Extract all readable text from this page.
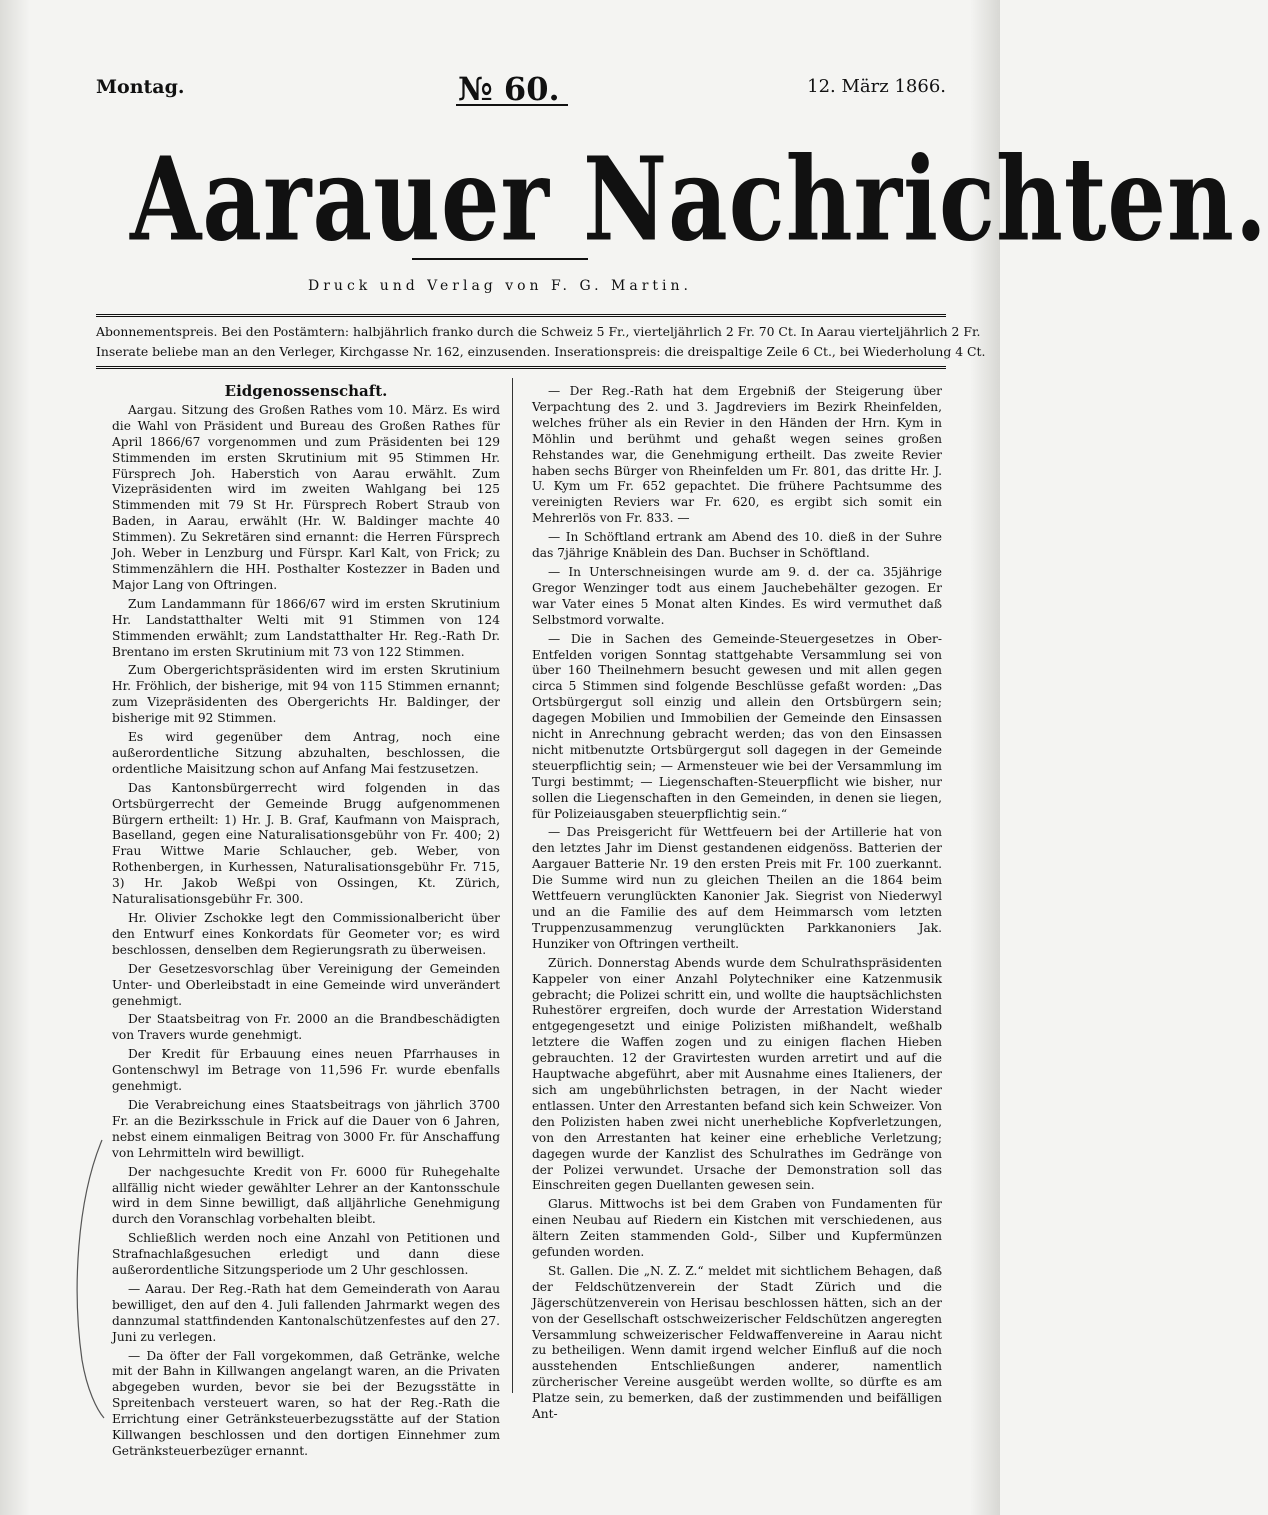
Montag.	№ 60.	12. März 1866.
Aarauer Nachrichten.
Druck und Verlag von F. G. Martin.
Abonnementspreis. Bei den Postämtern: halbjährlich franko durch die Schweiz 5 Fr., vierteljährlich 2 Fr. 70 Ct. In Aarau vierteljährlich 2 Fr.
Inserate beliebe man an den Verleger, Kirchgasse Nr. 162, einzusenden. Inserationspreis: die dreispaltige Zeile 6 Ct., bei Wiederholung 4 Ct.

Eidgenossenschaft.

Aargau. Sitzung des Großen Rathes vom 10. März. Es wird die Wahl von Präsident und Bureau des Großen Rathes für April 1866/67 vorgenommen und zum Präsidenten bei 129 Stimmenden im ersten Skrutinium mit 95 Stimmen Hr. Fürsprech Joh. Haberstich von Aarau erwählt. Zum Vizepräsidenten wird im zweiten Wahlgang bei 125 Stimmenden mit 79 St Hr. Fürsprech Robert Straub von Baden, in Aarau, erwählt (Hr. W. Baldinger machte 40 Stimmen). Zu Sekretären sind ernannt: die Herren Fürsprech Joh. Weber in Lenzburg und Fürspr. Karl Kalt, von Frick; zu Stimmenzählern die HH. Posthalter Kostezzer in Baden und Major Lang von Oftringen.

Zum Landammann für 1866/67 wird im ersten Skrutinium Hr. Landstatthalter Welti mit 91 Stimmen von 124 Stimmenden erwählt; zum Landstatthalter Hr. Reg.-Rath Dr. Brentano im ersten Skrutinium mit 73 von 122 Stimmen.

Zum Obergerichtspräsidenten wird im ersten Skrutinium Hr. Fröhlich, der bisherige, mit 94 von 115 Stimmen ernannt; zum Vizepräsidenten des Obergerichts Hr. Baldinger, der bisherige mit 92 Stimmen.

Es wird gegenüber dem Antrag, noch eine außerordentliche Sitzung abzuhalten, beschlossen, die ordentliche Maisitzung schon auf Anfang Mai festzusetzen.

Das Kantonsbürgerrecht wird folgenden in das Ortsbürgerrecht der Gemeinde Brugg aufgenommenen Bürgern ertheilt: 1) Hr. J. B. Graf, Kaufmann von Maisprach, Baselland, gegen eine Naturalisationsgebühr von Fr. 400; 2) Frau Wittwe Marie Schlaucher, geb. Weber, von Rothenbergen, in Kurhessen, Naturalisationsgebühr Fr. 715, 3) Hr. Jakob Weßpi von Ossingen, Kt. Zürich, Naturalisationsgebühr Fr. 300.

Hr. Olivier Zschokke legt den Commissionalbericht über den Entwurf eines Konkordats für Geometer vor; es wird beschlossen, denselben dem Regierungsrath zu überweisen.

Der Gesetzesvorschlag über Vereinigung der Gemeinden Unter- und Oberleibstadt in eine Gemeinde wird unverändert genehmigt.

Der Staatsbeitrag von Fr. 2000 an die Brandbeschädigten von Travers wurde genehmigt.

Der Kredit für Erbauung eines neuen Pfarrhauses in Gontenschwyl im Betrage von 11,596 Fr. wurde ebenfalls genehmigt.

Die Verabreichung eines Staatsbeitrags von jährlich 3700 Fr. an die Bezirksschule in Frick auf die Dauer von 6 Jahren, nebst einem einmaligen Beitrag von 3000 Fr. für Anschaffung von Lehrmitteln wird bewilligt.

Der nachgesuchte Kredit von Fr. 6000 für Ruhegehalte allfällig nicht wieder gewählter Lehrer an der Kantonsschule wird in dem Sinne bewilligt, daß alljährliche Genehmigung durch den Voranschlag vorbehalten bleibt.

Schließlich werden noch eine Anzahl von Petitionen und Strafnachlaßgesuchen erledigt und dann diese außerordentliche Sitzungsperiode um 2 Uhr geschlossen.

— Aarau. Der Reg.-Rath hat dem Gemeinderath von Aarau bewilliget, den auf den 4. Juli fallenden Jahrmarkt wegen des dannzumal stattfindenden Kantonalschützenfestes auf den 27. Juni zu verlegen.

— Da öfter der Fall vorgekommen, daß Getränke, welche mit der Bahn in Killwangen angelangt waren, an die Privaten abgegeben wurden, bevor sie bei der Bezugsstätte in Spreitenbach versteuert waren, so hat der Reg.-Rath die Errichtung einer Getränksteuerbezugsstätte auf der Station Killwangen beschlossen und den dortigen Einnehmer zum Getränksteuerbezüger ernannt.

— Der Reg.-Rath hat dem Ergebniß der Steigerung über Verpachtung des 2. und 3. Jagdreviers im Bezirk Rheinfelden, welches früher als ein Revier in den Händen der Hrn. Kym in Möhlin und berühmt und gehaßt wegen seines großen Rehstandes war, die Genehmigung ertheilt. Das zweite Revier haben sechs Bürger von Rheinfelden um Fr. 801, das dritte Hr. J. U. Kym um Fr. 652 gepachtet. Die frühere Pachtsumme des vereinigten Reviers war Fr. 620, es ergibt sich somit ein Mehrerlös von Fr. 833. —

— In Schöftland ertrank am Abend des 10. dieß in der Suhre das 7jährige Knäblein des Dan. Buchser in Schöftland.

— In Unterschneisingen wurde am 9. d. der ca. 35jährige Gregor Wenzinger todt aus einem Jauchebehälter gezogen. Er war Vater eines 5 Monat alten Kindes. Es wird vermuthet daß Selbstmord vorwalte.

— Die in Sachen des Gemeinde-Steuergesetzes in Ober-Entfelden vorigen Sonntag stattgehabte Versammlung sei von über 160 Theilnehmern besucht gewesen und mit allen gegen circa 5 Stimmen sind folgende Beschlüsse gefaßt worden: „Das Ortsbürgergut soll einzig und allein den Ortsbürgern sein; dagegen Mobilien und Immobilien der Gemeinde den Einsassen nicht in Anrechnung gebracht werden; das von den Einsassen nicht mitbenutzte Ortsbürgergut soll dagegen in der Gemeinde steuerpflichtig sein; — Armensteuer wie bei der Versammlung im Turgi bestimmt; — Liegenschaften-Steuerpflicht wie bisher, nur sollen die Liegenschaften in den Gemeinden, in denen sie liegen, für Polizeiausgaben steuerpflichtig sein.“

— Das Preisgericht für Wettfeuern bei der Artillerie hat von den letztes Jahr im Dienst gestandenen eidgenöss. Batterien der Aargauer Batterie Nr. 19 den ersten Preis mit Fr. 100 zuerkannt. Die Summe wird nun zu gleichen Theilen an die 1864 beim Wettfeuern verunglückten Kanonier Jak. Siegrist von Niederwyl und an die Familie des auf dem Heimmarsch vom letzten Truppenzusammenzug verunglückten Parkkanoniers Jak. Hunziker von Oftringen vertheilt.

Zürich. Donnerstag Abends wurde dem Schulrathspräsidenten Kappeler von einer Anzahl Polytechniker eine Katzenmusik gebracht; die Polizei schritt ein, und wollte die hauptsächlichsten Ruhestörer ergreifen, doch wurde der Arrestation Widerstand entgegengesetzt und einige Polizisten mißhandelt, weßhalb letztere die Waffen zogen und zu einigen flachen Hieben gebrauchten. 12 der Gravirtesten wurden arretirt und auf die Hauptwache abgeführt, aber mit Ausnahme eines Italieners, der sich am ungebührlichsten betragen, in der Nacht wieder entlassen. Unter den Arrestanten befand sich kein Schweizer. Von den Polizisten haben zwei nicht unerhebliche Kopfverletzungen, von den Arrestanten hat keiner eine erhebliche Verletzung; dagegen wurde der Kanzlist des Schulrathes im Gedränge von der Polizei verwundet. Ursache der Demonstration soll das Einschreiten gegen Duellanten gewesen sein.

Glarus. Mittwochs ist bei dem Graben von Fundamenten für einen Neubau auf Riedern ein Kistchen mit verschiedenen, aus ältern Zeiten stammenden Gold-, Silber und Kupfermünzen gefunden worden.

St. Gallen. Die „N. Z. Z.“ meldet mit sichtlichem Behagen, daß der Feldschützenverein der Stadt Zürich und die Jägerschützenverein von Herisau beschlossen hätten, sich an der von der Gesellschaft ostschweizerischer Feldschützen angeregten Versammlung schweizerischer Feldwaffenvereine in Aarau nicht zu betheiligen. Wenn damit irgend welcher Einfluß auf die noch ausstehenden Entschließungen anderer, namentlich zürcherischer Vereine ausgeübt werden wollte, so dürfte es am Platze sein, zu bemerken, daß der zustimmenden und beifälligen Ant-
